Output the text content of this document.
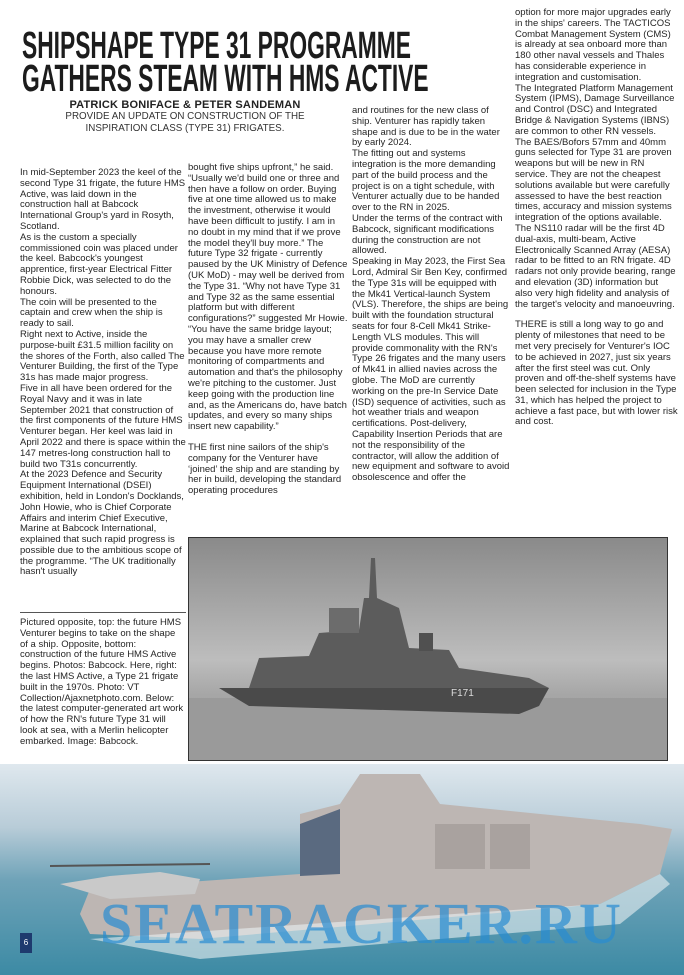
SHIPSHAPE TYPE 31 PROGRAMME
GATHERS STEAM WITH HMS ACTIVE
PATRICK BONIFACE & PETER SANDEMAN
PROVIDE AN UPDATE ON CONSTRUCTION OF THE INSPIRATION CLASS (TYPE 31) FRIGATES.

In mid-September 2023 the keel of the second Type 31 frigate, the future HMS Active, was laid down in the construction hall at Babcock International Group's yard in Rosyth, Scotland.

As is the custom a specially commissioned coin was placed under the keel. Babcock's youngest apprentice, first-year Electrical Fitter Robbie Dick, was selected to do the honours.

The coin will be presented to the captain and crew when the ship is ready to sail.

Right next to Active, inside the purpose-built £31.5 million facility on the shores of the Forth, also called The Venturer Building, the first of the Type 31s has made major progress.

Five in all have been ordered for the Royal Navy and it was in late September 2021 that construction of the first components of the future HMS Venturer began. Her keel was laid in April 2022 and there is space within the 147 metres-long construction hall to build two T31s concurrently.

At the 2023 Defence and Security Equipment International (DSEI) exhibition, held in London's Docklands, John Howie, who is Chief Corporate Affairs and interim Chief Executive, Marine at Babcock International, explained that such rapid progress is possible due to the ambitious scope of the programme. “The UK traditionally hasn't usually

Pictured opposite, top: the future HMS Venturer begins to take on the shape of a ship. Opposite, bottom: construction of the future HMS Active begins. Photos: Babcock. Here, right: the last HMS Active, a Type 21 frigate built in the 1970s. Photo: VT Collection/Ajaxnetphoto.com. Below: the latest computer-generated art work of how the RN's future Type 31 will look at sea, with a Merlin helicopter embarked. Image: Babcock.

bought five ships upfront,” he said. “Usually we'd build one or three and then have a follow on order. Buying five at one time allowed us to make the investment, otherwise it would have been difficult to justify. I am in no doubt in my mind that if we prove the model they'll buy more.” The future Type 32 frigate - currently paused by the UK Ministry of Defence (UK MoD) - may well be derived from the Type 31. “Why not have Type 31 and Type 32 as the same essential platform but with different configurations?” suggested Mr Howie. “You have the same bridge layout; you may have a smaller crew because you have more remote monitoring of compartments and automation and that's the philosophy we're pitching to the customer. Just keep going with the production line and, as the Americans do, have batch updates, and every so many ships insert new capability.”

THE first nine sailors of the ship's company for the Venturer have ‘joined’ the ship and are standing by her in build, developing the standard operating procedures

and routines for the new class of ship. Venturer has rapidly taken shape and is due to be in the water by early 2024.

The fitting out and systems integration is the more demanding part of the build process and the project is on a tight schedule, with Venturer actually due to be handed over to the RN in 2025.

Under the terms of the contract with Babcock, significant modifications during the construction are not allowed.

Speaking in May 2023, the First Sea Lord, Admiral Sir Ben Key, confirmed the Type 31s will be equipped with the Mk41 Vertical-launch System (VLS). Therefore, the ships are being built with the foundation structural seats for four 8-Cell Mk41 Strike-Length VLS modules. This will provide commonality with the RN's Type 26 frigates and the many users of Mk41 in allied navies across the globe. The MoD are currently working on the pre-In Service Date (ISD) sequence of activities, such as hot weather trials and weapon certifications. Post-delivery, Capability Insertion Periods that are not the responsibility of the contractor, will allow the addition of new equipment and software to avoid obsolescence and offer the

option for more major upgrades early in the ships' careers. The TACTICOS Combat Management System (CMS) is already at sea onboard more than 180 other naval vessels and Thales has considerable experience in integration and customisation.

The Integrated Platform Management System (IPMS), Damage Surveillance and Control (DSC) and Integrated Bridge & Navigation Systems (IBNS) are common to other RN vessels.

The BAES/Bofors 57mm and 40mm guns selected for Type 31 are proven weapons but will be new in RN service. They are not the cheapest solutions available but were carefully assessed to have the best reaction times, accuracy and mission systems integration of the options available. The NS110 radar will be the first 4D dual-axis, multi-beam, Active Electronically Scanned Array (AESA) radar to be fitted to an RN frigate. 4D radars not only provide bearing, range and elevation (3D) information but also very high fidelity and analysis of the target's velocity and manoeuvring.

THERE is still a long way to go and plenty of milestones that need to be met very precisely for Venturer's IOC to be achieved in 2027, just six years after the first steel was cut. Only proven and off-the-shelf systems have been selected for inclusion in the Type 31, which has helped the project to achieve a fast pace, but with lower risk and cost.

F171
SEATRACKER.RU
6
